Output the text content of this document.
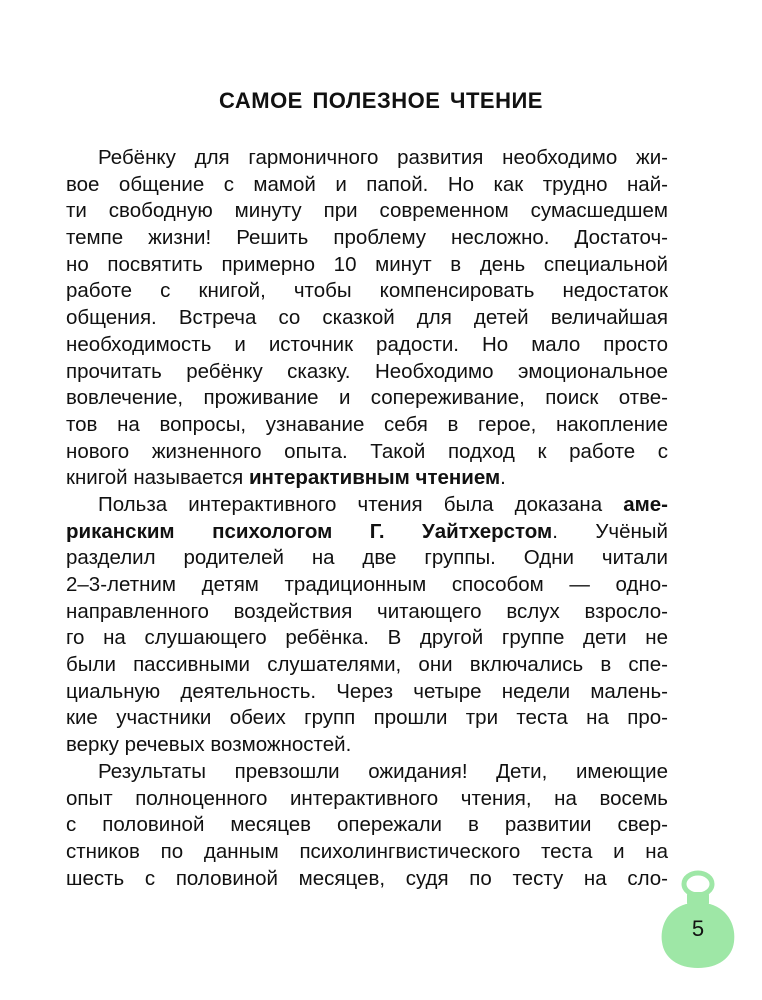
САМОЕ ПОЛЕЗНОЕ ЧТЕНИЕ
Ребёнку для гармоничного развития необходимо жи-
вое общение с мамой и папой. Но как трудно най-
ти свободную минуту при современном сумасшедшем
темпе жизни! Решить проблему несложно. Достаточ-
но посвятить примерно 10 минут в день специальной
работе с книгой, чтобы компенсировать недостаток
общения. Встреча со сказкой для детей величайшая
необходимость и источник радости. Но мало просто
прочитать ребёнку сказку. Необходимо эмоциональное
вовлечение, проживание и сопереживание, поиск отве-
тов на вопросы, узнавание себя в герое, накопление
нового жизненного опыта. Такой подход к работе с
книгой называется интерактивным чтением.
Польза интерактивного чтения была доказана аме-
риканским психологом Г. Уайтхерстом. Учёный
разделил родителей на две группы. Одни читали
2–3-летним детям традиционным способом — одно-
направленного воздействия читающего вслух взросло-
го на слушающего ребёнка. В другой группе дети не
были пассивными слушателями, они включались в спе-
циальную деятельность. Через четыре недели малень-
кие участники обеих групп прошли три теста на про-
верку речевых возможностей.
Результаты превзошли ожидания! Дети, имеющие
опыт полноценного интерактивного чтения, на восемь
с половиной месяцев опережали в развитии свер-
стников по данным психолингвистического теста и на
шесть с половиной месяцев, судя по тесту на сло-
5
